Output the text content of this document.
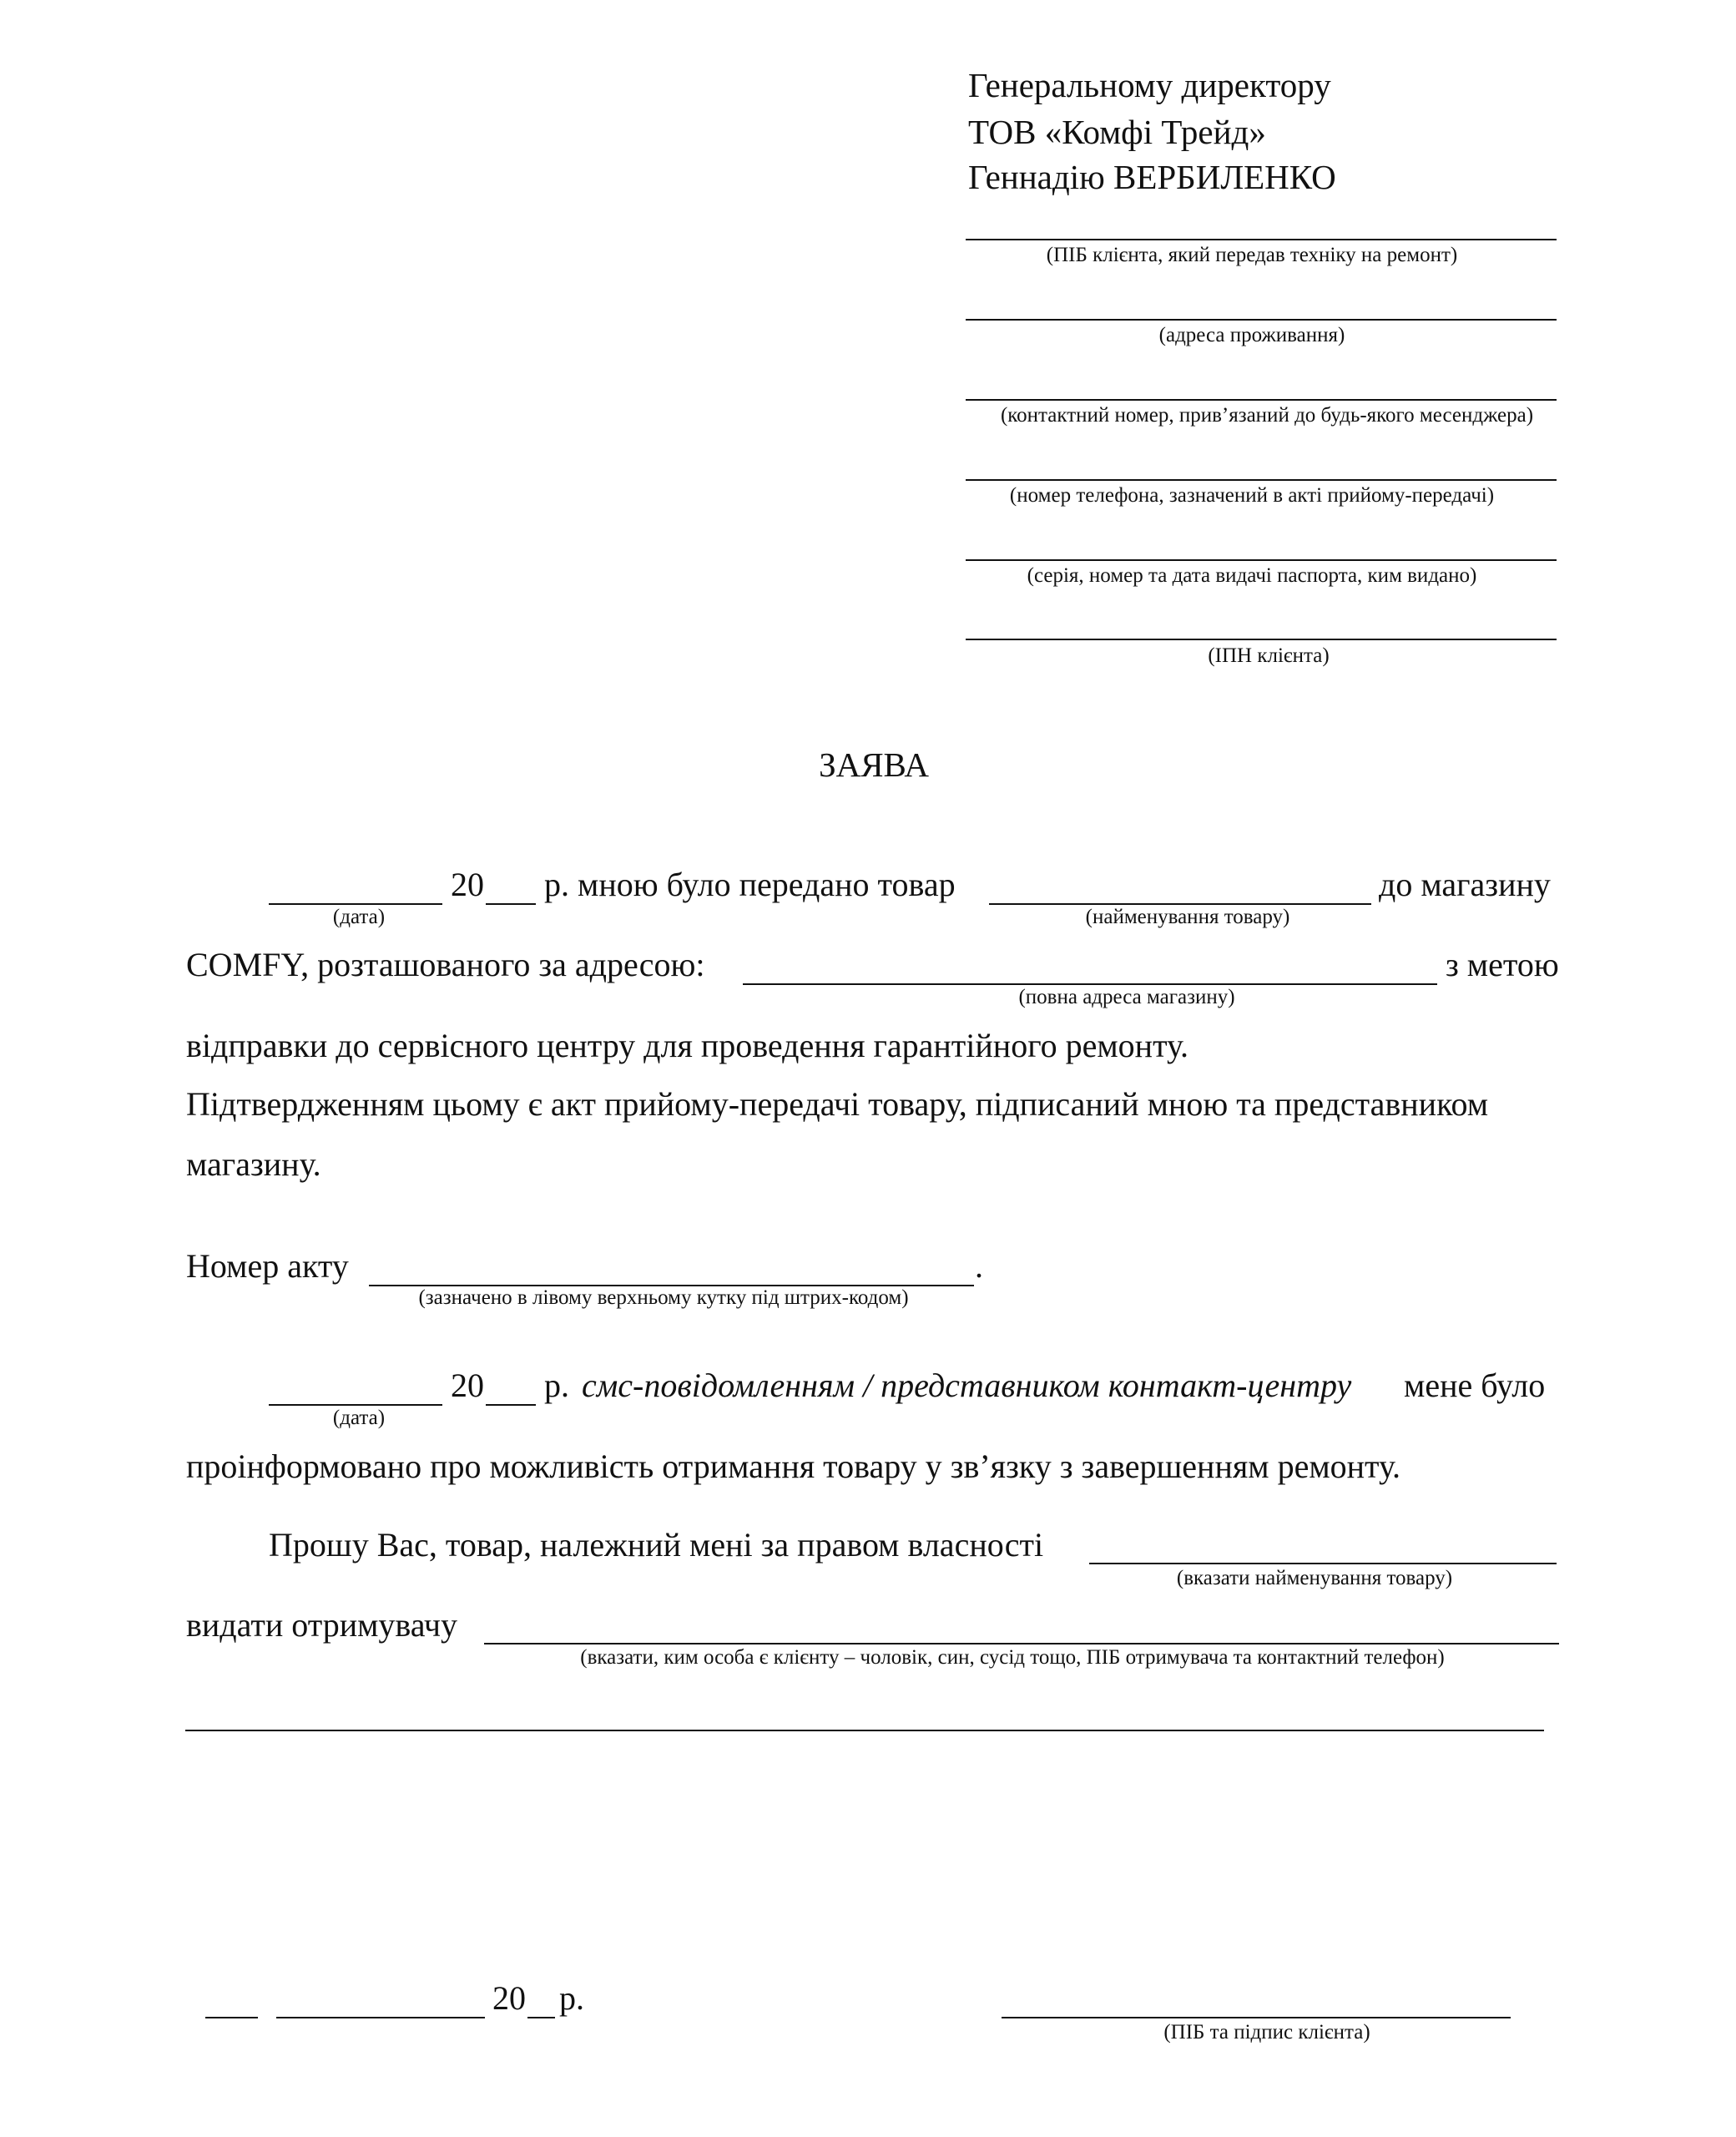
Генеральному директору
ТОВ «Комфі Трейд»
Геннадію ВЕРБИЛЕНКО
(ПІБ клієнта, який передав техніку на ремонт)
(адреса проживання)
(контактний номер, прив’язаний до будь-якого месенджера)
(номер телефона, зазначений в акті прийому-передачі)
(серія, номер та дата видачі паспорта, ким видано)
(ІПН клієнта)
ЗАЯВА
20 р. мною було передано товар	до магазину
(дата)	(найменування товару)
COMFY, розташованого за адресою:	з метою
(повна адреса магазину)
відправки до сервісного центру для проведення гарантійного ремонту.
Підтвердженням цьому є акт прийому-передачі товару, підписаний мною та представником
магазину.
Номер акту	.
(зазначено в лівому верхньому кутку під штрих-кодом)
20 р. смс-повідомленням / представником контакт-центру мене було
(дата)
проінформовано про можливість отримання товару у зв’язку з завершенням ремонту.
Прошу Вас, товар, належний мені за правом власності
(вказати найменування товару)
видати отримувачу
(вказати, ким особа є клієнту – чоловік, син, сусід тощо, ПІБ отримувача та контактний телефон)
20 р.
(ПІБ та підпис клієнта)
